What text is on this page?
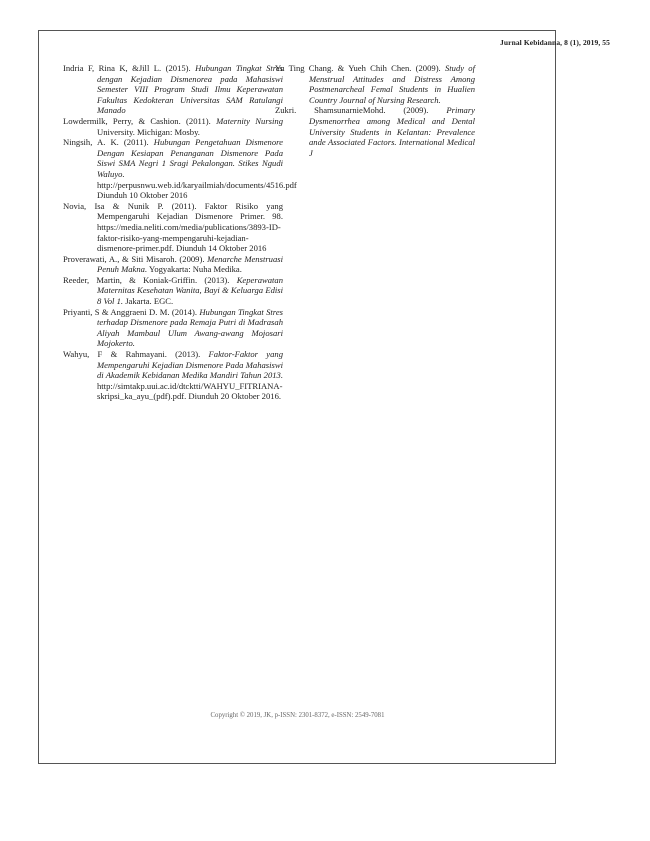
Jurnal Kebidanna, 8 (1), 2019, 55

Indria F, Rina K, &Jill L. (2015). Hubungan Tingkat Stres dengan Kejadian Dismenorea pada Mahasiswi Semester VIII Program Studi Ilmu Keperawatan Fakultas Kedokteran Universitas SAM Ratulangi Manado

Lowdermilk, Perry, & Cashion. (2011). Maternity Nursing University. Michigan: Mosby.

Ningsih, A. K. (2011). Hubungan Pengetahuan Dismenore Dengan Kesiapan Penanganan Dismenore Pada Siswi SMA Negri 1 Sragi Pekalongan. Stikes Ngudi Waluyo. http://perpusnwu.web.id/karyailmiah/documents/4516.pdf Diunduh 10 Oktober 2016

Novia, Isa & Nunik P. (2011). Faktor Risiko yang Mempengaruhi Kejadian Dismenore Primer. 98. https://media.neliti.com/media/publications/3893-ID-faktor-risiko-yang-mempengaruhi-kejadian-dismenore-primer.pdf. Diunduh 14 Oktober 2016

Proverawati, A., & Siti Misaroh. (2009). Menarche Menstruasi Penuh Makna. Yogyakarta: Nuha Medika.

Reeder, Martin, & Koniak-Griffin. (2013). Keperawatan Maternitas Kesehatan Wanita, Bayi & Keluarga Edisi 8 Vol 1. Jakarta. EGC.

Priyanti, S & Anggraeni D. M. (2014). Hubungan Tingkat Stres terhadap Dismenore pada Remaja Putri di Madrasah Aliyah Mambaul Ulum Awang-awang Mojosari Mojokerto.

Wahyu, F & Rahmayani. (2013). Faktor-Faktor yang Mempengaruhi Kejadian Dismenore Pada Mahasiswi di Akademik Kebidanan Medika Mandiri Tahun 2013. http://simtakp.uui.ac.id/dtcktti/WAHYU_FITRIANA-skripsi_ka_ayu_(pdf).pdf. Diunduh 20 Oktober 2016.

Yu Ting Chang. & Yueh Chih Chen. (2009). Study of Menstrual Attitudes and Distress Among Postmenarcheal Femal Students in Hualien Country Journal of Nursing Research.

Zukri. ShamsunarnieMohd. (2009). Primary Dysmenorrhea among Medical and Dental University Students in Kelantan: Prevalence ande Associated Factors. International Medical J

Copyright © 2019, JK, p-ISSN: 2301-8372, e-ISSN: 2549-7081
